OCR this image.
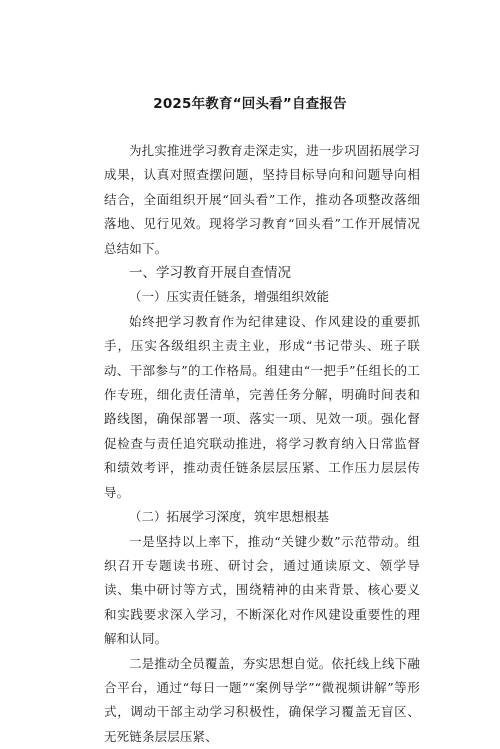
2025年教育“回头看”自查报告

为扎实推进学习教育走深走实，进一步巩固拓展学习成果，认真对照查摆问题，坚持目标导向和问题导向相结合，全面组织开展“回头看”工作，推动各项整改落细落地、见行见效。现将学习教育“回头看”工作开展情况总结如下。

一、学习教育开展自查情况

（一）压实责任链条，增强组织效能

始终把学习教育作为纪律建设、作风建设的重要抓手，压实各级组织主责主业，形成“书记带头、班子联动、干部参与”的工作格局。组建由“一把手”任组长的工作专班，细化责任清单，完善任务分解，明确时间表和路线图，确保部署一项、落实一项、见效一项。强化督促检查与责任追究联动推进，将学习教育纳入日常监督和绩效考评，推动责任链条层层压紧、工作压力层层传导。

（二）拓展学习深度，筑牢思想根基

一是坚持以上率下，推动“关键少数”示范带动。组织召开专题读书班、研讨会，通过通读原文、领学导读、集中研讨等方式，围绕精神的由来背景、核心要义和实践要求深入学习，不断深化对作风建设重要性的理解和认同。

二是推动全员覆盖，夯实思想自觉。依托线上线下融合平台，通过“每日一题”“案例导学”“微视频讲解”等形式，调动干部主动学习积极性，确保学习覆盖无盲区、无死链条层层压紧、
